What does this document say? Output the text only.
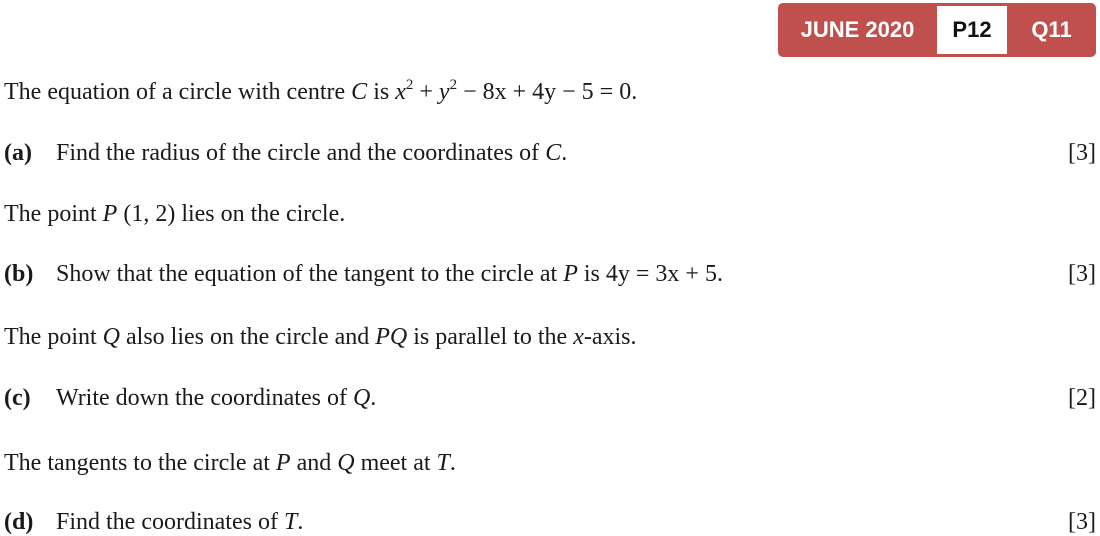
JUNE 2020	P12	Q11
The equation of a circle with centre C is $x^2 + y^2 - 8x + 4y - 5 = 0$.
(a) Find the radius of the circle and the coordinates of C.	[3]
The point P (1, 2) lies on the circle.
(b) Show that the equation of the tangent to the circle at P is 4y = 3x + 5.	[3]
The point Q also lies on the circle and PQ is parallel to the x-axis.
(c) Write down the coordinates of Q.	[2]
The tangents to the circle at P and Q meet at T.
(d) Find the coordinates of T.	[3]
